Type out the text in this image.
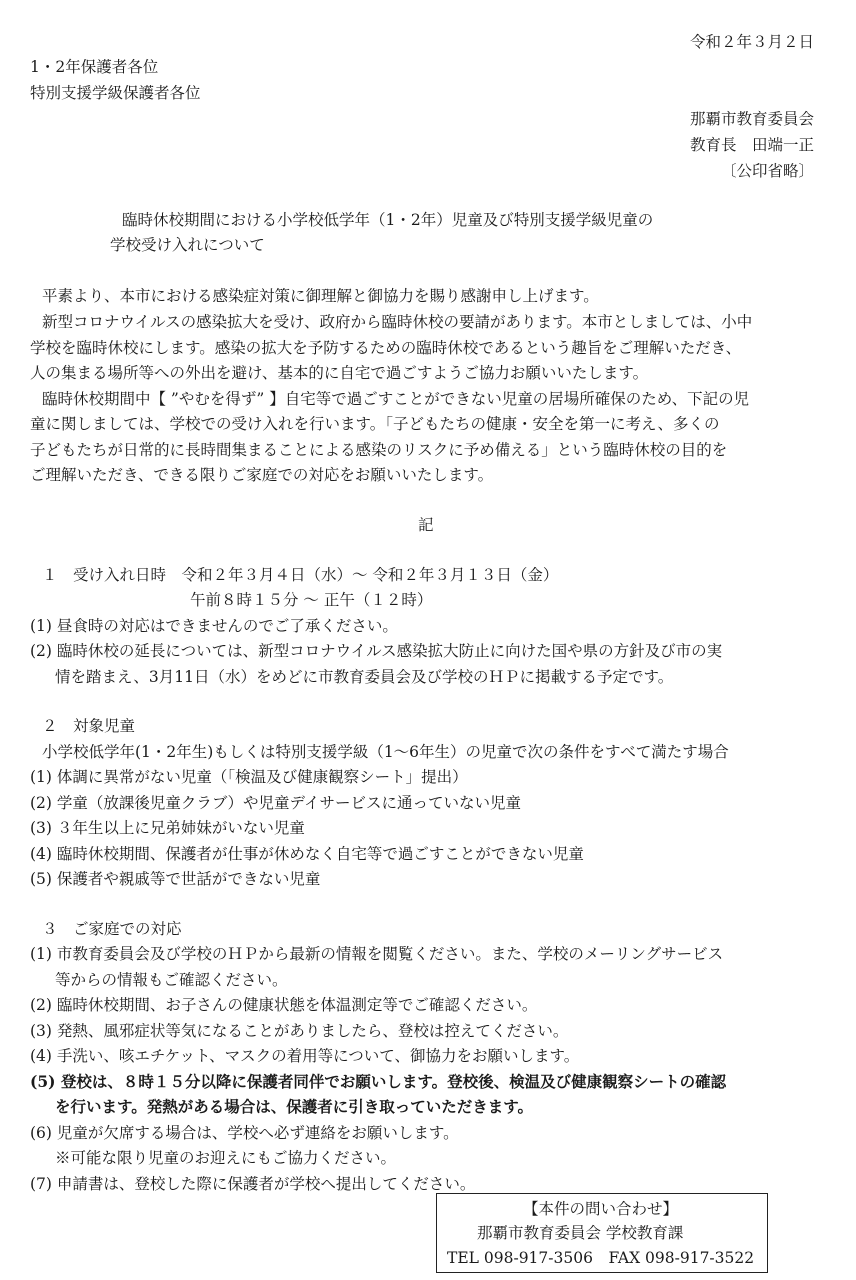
令和２年３月２日
1・2年保護者各位
特別支援学級保護者各位
那覇市教育委員会
教育長　田端一正
〔公印省略〕
臨時休校期間における小学校低学年（1・2年）児童及び特別支援学級児童の
学校受け入れについて
平素より、本市における感染症対策に御理解と御協力を賜り感謝申し上げます。
新型コロナウイルスの感染拡大を受け、政府から臨時休校の要請があります。本市としましては、小中
学校を臨時休校にします。感染の拡大を予防するための臨時休校であるという趣旨をご理解いただき、
人の集まる場所等への外出を避け、基本的に自宅で過ごすようご協力お願いいたします。
臨時休校期間中【 ”やむを得ず” 】自宅等で過ごすことができない児童の居場所確保のため、下記の児
童に関しましては、学校での受け入れを行います。「子どもたちの健康・安全を第一に考え、多くの
子どもたちが日常的に長時間集まることによる感染のリスクに予め備える」という臨時休校の目的を
ご理解いただき、できる限りご家庭での対応をお願いいたします。
記
１　受け入れ日時　令和２年３月４日（水）～ 令和２年３月１３日（金）
午前８時１５分 ～ 正午（１２時）
(1) 昼食時の対応はできませんのでご了承ください。
(2) 臨時休校の延長については、新型コロナウイルス感染拡大防止に向けた国や県の方針及び市の実
情を踏まえ、3月11日（水）をめどに市教育委員会及び学校のＨＰに掲載する予定です。
２　対象児童
小学校低学年(1・2年生)もしくは特別支援学級（1～6年生）の児童で次の条件をすべて満たす場合
(1) 体調に異常がない児童（「検温及び健康観察シート」提出）
(2) 学童（放課後児童クラブ）や児童デイサービスに通っていない児童
(3) ３年生以上に兄弟姉妹がいない児童
(4) 臨時休校期間、保護者が仕事が休めなく自宅等で過ごすことができない児童
(5) 保護者や親戚等で世話ができない児童
３　ご家庭での対応
(1) 市教育委員会及び学校のＨＰから最新の情報を閲覧ください。また、学校のメーリングサービス
等からの情報もご確認ください。
(2) 臨時休校期間、お子さんの健康状態を体温測定等でご確認ください。
(3) 発熱、風邪症状等気になることがありましたら、登校は控えてください。
(4) 手洗い、咳エチケット、マスクの着用等について、御協力をお願いします。
(5) 登校は、８時１５分以降に保護者同伴でお願いします。登校後、検温及び健康観察シートの確認
を行います。発熱がある場合は、保護者に引き取っていただきます。
(6) 児童が欠席する場合は、学校へ必ず連絡をお願いします。
※可能な限り児童のお迎えにもご協力ください。
(7) 申請書は、登校した際に保護者が学校へ提出してください。
【本件の問い合わせ】
那覇市教育委員会 学校教育課
TEL 098-917-3506　FAX 098-917-3522
